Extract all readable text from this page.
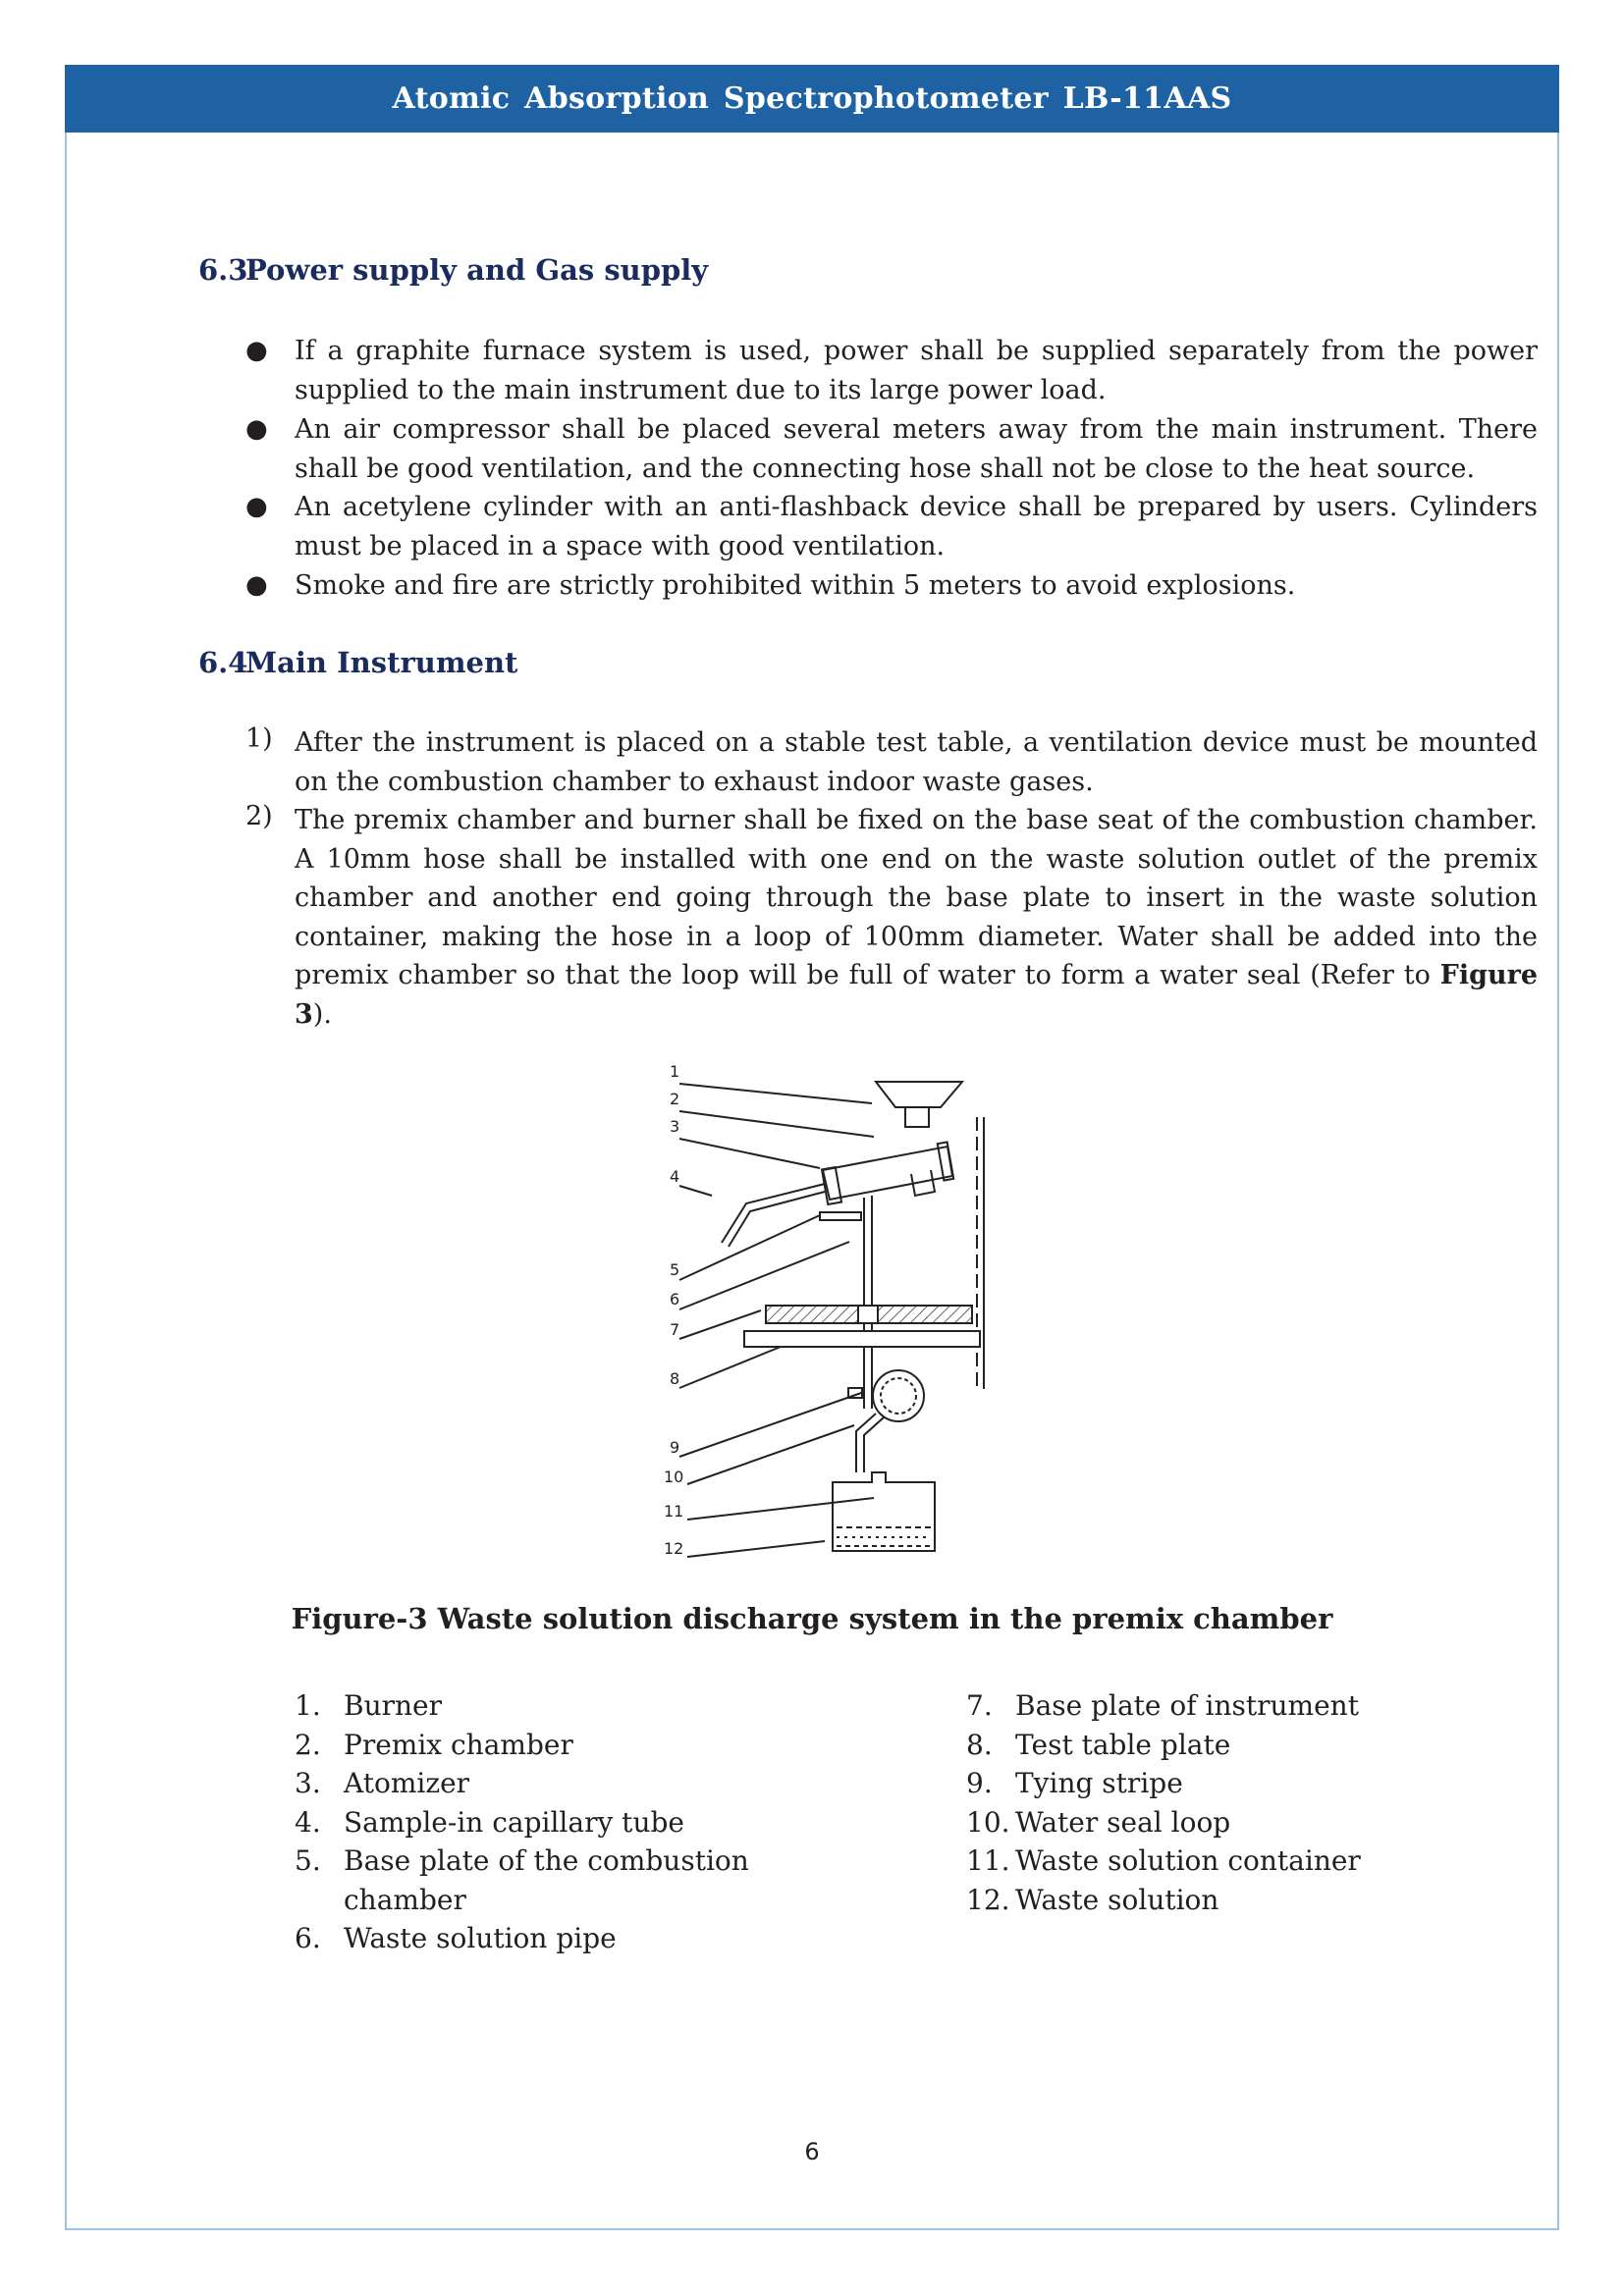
Atomic Absorption Spectrophotometer LB-11AAS
6.3Power supply and Gas supply
● If a graphite furnace system is used, power shall be supplied separately from the power supplied to the main instrument due to its large power load.
● An air compressor shall be placed several meters away from the main instrument. There shall be good ventilation, and the connecting hose shall not be close to the heat source.
● An acetylene cylinder with an anti-flashback device shall be prepared by users. Cylinders must be placed in a space with good ventilation.
● Smoke and fire are strictly prohibited within 5 meters to avoid explosions.
6.4Main Instrument
1) After the instrument is placed on a stable test table, a ventilation device must be mounted on the combustion chamber to exhaust indoor waste gases.
2) The premix chamber and burner shall be fixed on the base seat of the combustion chamber. A 10mm hose shall be installed with one end on the waste solution outlet of the premix chamber and another end going through the base plate to insert in the waste solution container, making the hose in a loop of 100mm diameter. Water shall be added into the premix chamber so that the loop will be full of water to form a water seal (Refer to Figure 3).
1
2
3
4
5
6
7
8
9
10
11
12
Figure-3 Waste solution discharge system in the premix chamber
1. Burner
2. Premix chamber
3. Atomizer
4. Sample-in capillary tube
5. Base plate of the combustion
chamber
6. Waste solution pipe
7. Base plate of instrument
8. Test table plate
9. Tying stripe
10. Water seal loop
11. Waste solution container
12. Waste solution
6
